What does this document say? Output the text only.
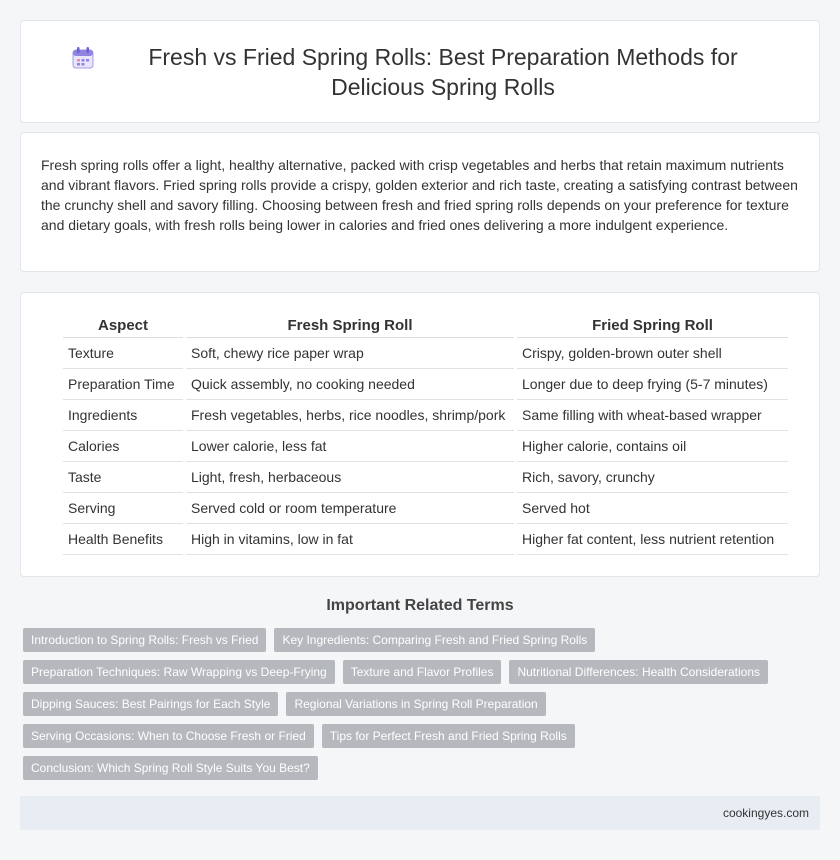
Fresh vs Fried Spring Rolls: Best Preparation Methods for Delicious Spring Rolls

Fresh spring rolls offer a light, healthy alternative, packed with crisp vegetables and herbs that retain maximum nutrients and vibrant flavors. Fried spring rolls provide a crispy, golden exterior and rich taste, creating a satisfying contrast between the crunchy shell and savory filling. Choosing between fresh and fried spring rolls depends on your preference for texture and dietary goals, with fresh rolls being lower in calories and fried ones delivering a more indulgent experience.

Aspect	Fresh Spring Roll	Fried Spring Roll
Texture	Soft, chewy rice paper wrap	Crispy, golden-brown outer shell
Preparation Time	Quick assembly, no cooking needed	Longer due to deep frying (5-7 minutes)
Ingredients	Fresh vegetables, herbs, rice noodles, shrimp/pork	Same filling with wheat-based wrapper
Calories	Lower calorie, less fat	Higher calorie, contains oil
Taste	Light, fresh, herbaceous	Rich, savory, crunchy
Serving	Served cold or room temperature	Served hot
Health Benefits	High in vitamins, low in fat	Higher fat content, less nutrient retention
Important Related Terms
Introduction to Spring Rolls: Fresh vs Fried	Key Ingredients: Comparing Fresh and Fried Spring Rolls
Preparation Techniques: Raw Wrapping vs Deep-Frying	Texture and Flavor Profiles	Nutritional Differences: Health Considerations
Dipping Sauces: Best Pairings for Each Style	Regional Variations in Spring Roll Preparation
Serving Occasions: When to Choose Fresh or Fried	Tips for Perfect Fresh and Fried Spring Rolls
Conclusion: Which Spring Roll Style Suits You Best?
cookingyes.com
